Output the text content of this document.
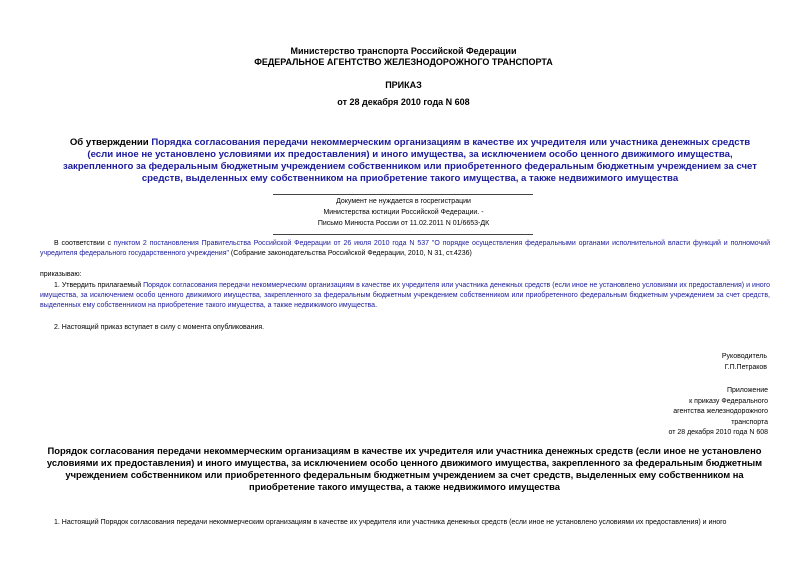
Министерство транспорта Российской Федерации
ФЕДЕРАЛЬНОЕ АГЕНТСТВО ЖЕЛЕЗНОДОРОЖНОГО ТРАНСПОРТА
ПРИКАЗ
от 28 декабря 2010 года N 608
Об утверждении Порядка согласования передачи некоммерческим организациям в качестве их учредителя или участника денежных средств (если иное не установлено условиями их предоставления) и иного имущества, за исключением особо ценного движимого имущества, закрепленного за федеральным бюджетным учреждением собственником или приобретенного федеральным бюджетным учреждением за счет средств, выделенных ему собственником на приобретение такого имущества, а также недвижимого имущества
Документ не нуждается в госрегистрации
Министерства юстиции Российской Федерации. -
Письмо Минюста России от 11.02.2011 N 01/6653-ДК
В соответствии с пунктом 2 постановления Правительства Российской Федерации от 26 июля 2010 года N 537 "О порядке осуществления федеральными органами исполнительной власти функций и полномочий учредителя федерального государственного учреждения" (Собрание законодательства Российской Федерации, 2010, N 31, ст.4236)
приказываю:
1. Утвердить прилагаемый Порядок согласования передачи некоммерческим организациям в качестве их учредителя или участника денежных средств (если иное не установлено условиями их предоставления) и иного имущества, за исключением особо ценного движимого имущества, закрепленного за федеральным бюджетным учреждением собственником или приобретенного федеральным бюджетным учреждением за счет средств, выделенных ему собственником на приобретение такого имущества, а также недвижимого имущества.
2. Настоящий приказ вступает в силу с момента опубликования.
Руководитель
Г.П.Петраков
Приложение
к приказу Федерального
агентства железнодорожного
транспорта
от 28 декабря 2010 года N 608
Порядок согласования передачи некоммерческим организациям в качестве их учредителя или участника денежных средств (если иное не установлено условиями их предоставления) и иного имущества, за исключением особо ценного движимого имущества, закрепленного за федеральным бюджетным учреждением собственником или приобретенного федеральным бюджетным учреждением за счет средств, выделенных ему собственником на приобретение такого имущества, а также недвижимого имущества
1. Настоящий Порядок согласования передачи некоммерческим организациям в качестве их учредителя или участника денежных средств (если иное не установлено условиями их предоставления) и иного
